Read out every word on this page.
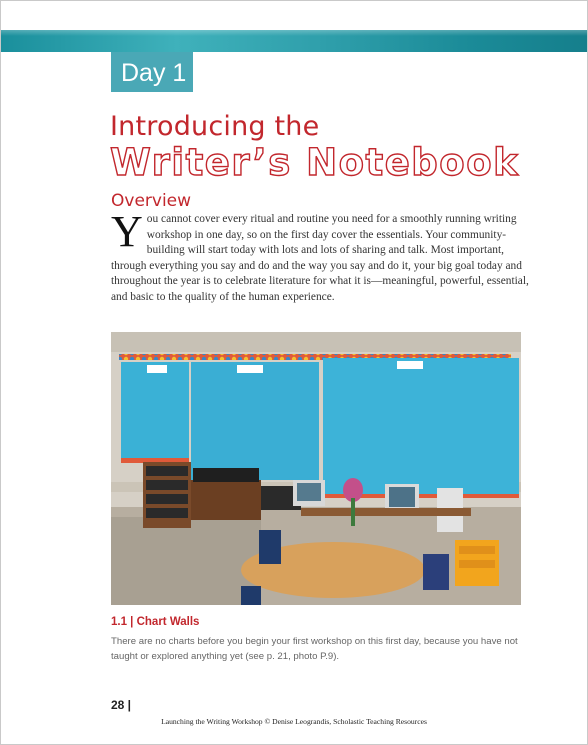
Day 1
Introducing the
Writer’s Notebook
Overview
You cannot cover every ritual and routine you need for a smoothly running writing workshop in one day, so on the first day cover the essentials. Your community-building will start today with lots and lots of sharing and talk. Most important, through everything you say and do and the way you say and do it, your big goal today and throughout the year is to celebrate literature for what it is—meaningful, powerful, essential, and basic to the quality of the human experience.
1.1 | Chart Walls
There are no charts before you begin your first workshop on this first day, because you have not taught or explored anything yet (see p. 21, photo P.9).
28 |
Launching the Writing Workshop © Denise Leograndis, Scholastic Teaching Resources
